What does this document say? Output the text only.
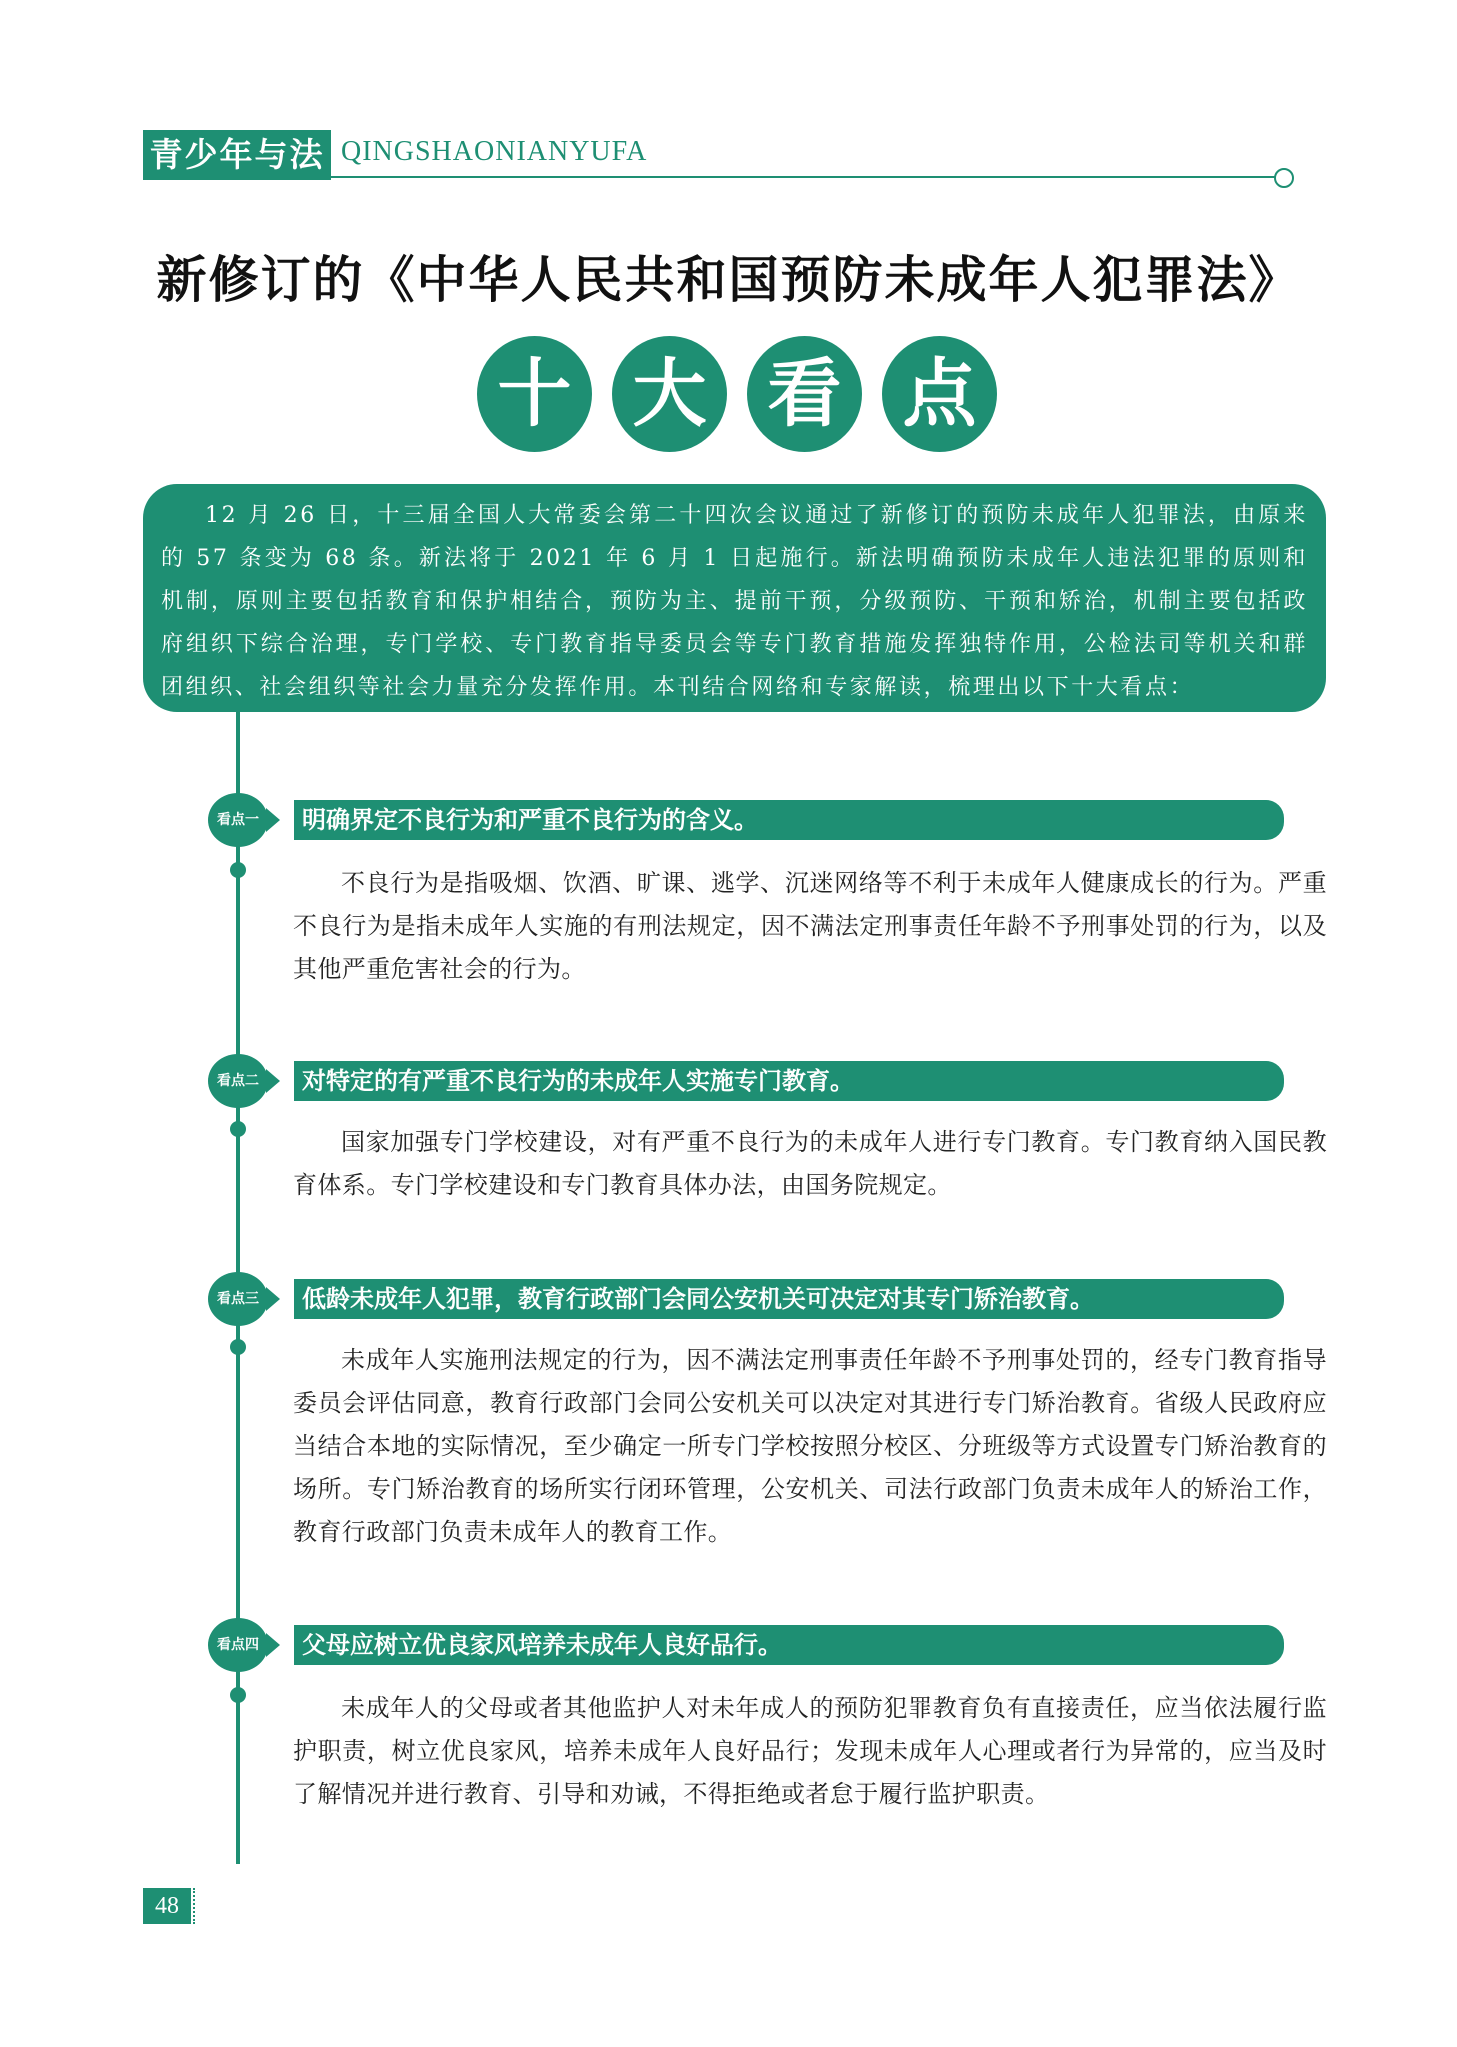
青少年与法 QINGSHAONIANYUFA
新修订的《中华人民共和国预防未成年人犯罪法》
十 大 看 点
12 月 26 日，十三届全国人大常委会第二十四次会议通过了新修订的预防未成年人犯罪法，由原来的 57 条变为 68 条。新法将于 2021 年 6 月 1 日起施行。新法明确预防未成年人违法犯罪的原则和机制，原则主要包括教育和保护相结合，预防为主、提前干预，分级预防、干预和矫治，机制主要包括政府组织下综合治理，专门学校、专门教育指导委员会等专门教育措施发挥独特作用，公检法司等机关和群团组织、社会组织等社会力量充分发挥作用。本刊结合网络和专家解读，梳理出以下十大看点：
看点一	明确界定不良行为和严重不良行为的含义。

不良行为是指吸烟、饮酒、旷课、逃学、沉迷网络等不利于未成年人健康成长的行为。严重不良行为是指未成年人实施的有刑法规定，因不满法定刑事责任年龄不予刑事处罚的行为，以及其他严重危害社会的行为。

看点二	对特定的有严重不良行为的未成年人实施专门教育。

国家加强专门学校建设，对有严重不良行为的未成年人进行专门教育。专门教育纳入国民教育体系。专门学校建设和专门教育具体办法，由国务院规定。

看点三	低龄未成年人犯罪，教育行政部门会同公安机关可决定对其专门矫治教育。

未成年人实施刑法规定的行为，因不满法定刑事责任年龄不予刑事处罚的，经专门教育指导委员会评估同意，教育行政部门会同公安机关可以决定对其进行专门矫治教育。省级人民政府应当结合本地的实际情况，至少确定一所专门学校按照分校区、分班级等方式设置专门矫治教育的场所。专门矫治教育的场所实行闭环管理，公安机关、司法行政部门负责未成年人的矫治工作，教育行政部门负责未成年人的教育工作。

看点四	父母应树立优良家风培养未成年人良好品行。

未成年人的父母或者其他监护人对未年成人的预防犯罪教育负有直接责任，应当依法履行监护职责，树立优良家风，培养未成年人良好品行；发现未成年人心理或者行为异常的，应当及时了解情况并进行教育、引导和劝诫，不得拒绝或者怠于履行监护职责。

48
